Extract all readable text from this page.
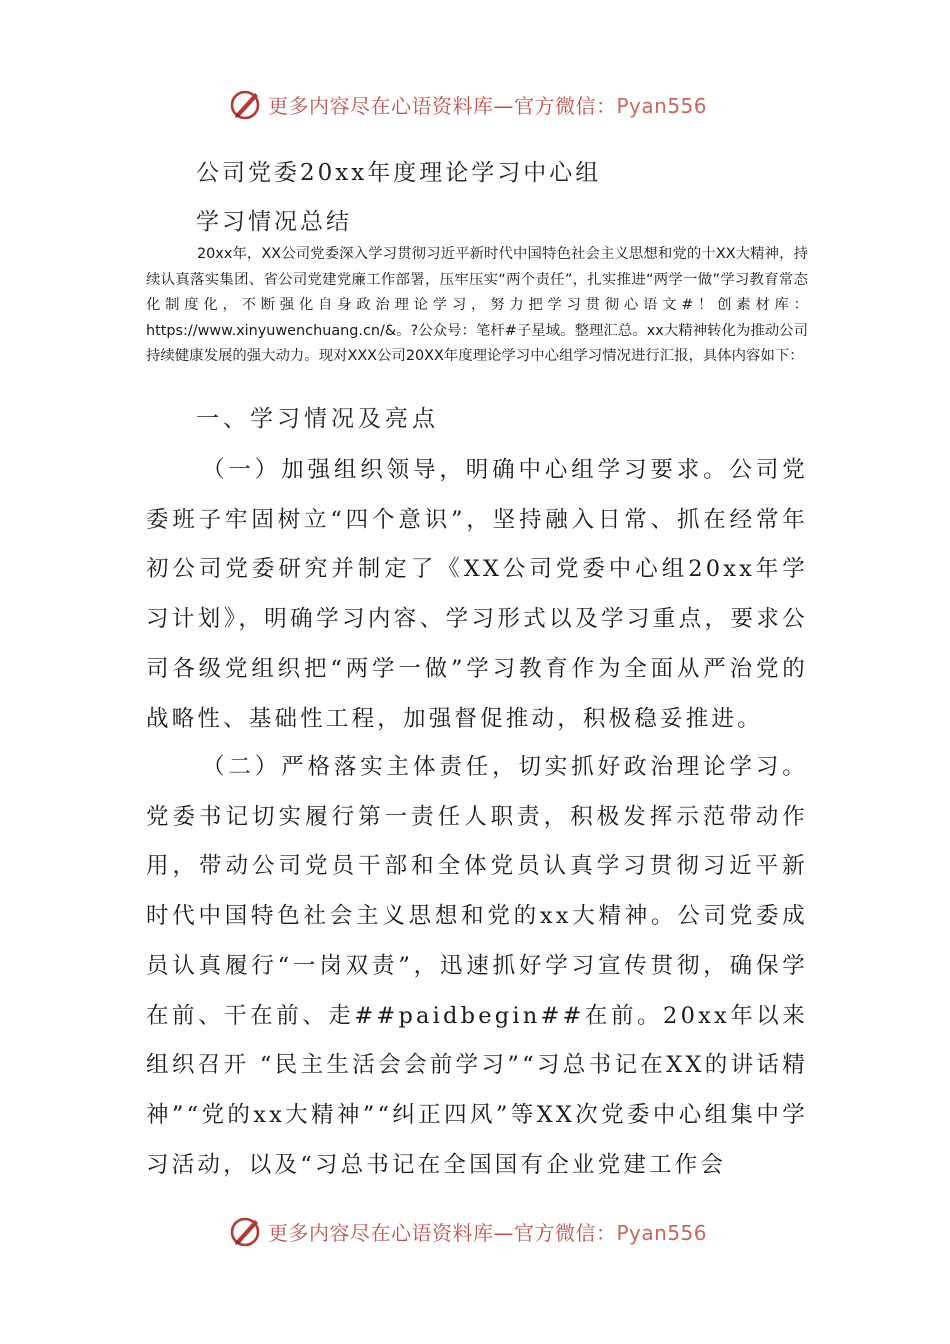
更多内容尽在心语资料库—官方微信：Pyan556
公司党委20xx年度理论学习中心组
学习情况总结

20xx年，XX公司党委深入学习贯彻习近平新时代中国特色社会主义思想和党的十XX大精神，持续认真落实集团、省公司党建党廉工作部署，压牢压实“两个责任”，扎实推进“两学一做”学习教育常态化制度化，不断强化自身政治理论学习，努力把学习贯彻心语文#！创素材库：https://www.xinyuwenchuang.cn/&。?公众号：笔杆#子星域。整理汇总。xx大精神转化为推动公司持续健康发展的强大动力。现对XXX公司20XX年度理论学习中心组学习情况进行汇报，具体内容如下：

一、学习情况及亮点

（一）加强组织领导，明确中心组学习要求。公司党委班子牢固树立“四个意识”，坚持融入日常、抓在经常年初公司党委研究并制定了《XX公司党委中心组20xx年学习计划》，明确学习内容、学习形式以及学习重点，要求公司各级党组织把“两学一做”学习教育作为全面从严治党的战略性、基础性工程，加强督促推动，积极稳妥推进。

（二）严格落实主体责任，切实抓好政治理论学习。党委书记切实履行第一责任人职责，积极发挥示范带动作用，带动公司党员干部和全体党员认真学习贯彻习近平新时代中国特色社会主义思想和党的xx大精神。公司党委成员认真履行“一岗双责”，迅速抓好学习宣传贯彻，确保学在前、干在前、走##paidbegin##在前。20xx年以来组织召开 “民主生活会会前学习”“习总书记在XX的讲话精神”“党的xx大精神”“纠正四风”等XX次党委中心组集中学习活动，以及“习总书记在全国国有企业党建工作会

更多内容尽在心语资料库—官方微信：Pyan556
